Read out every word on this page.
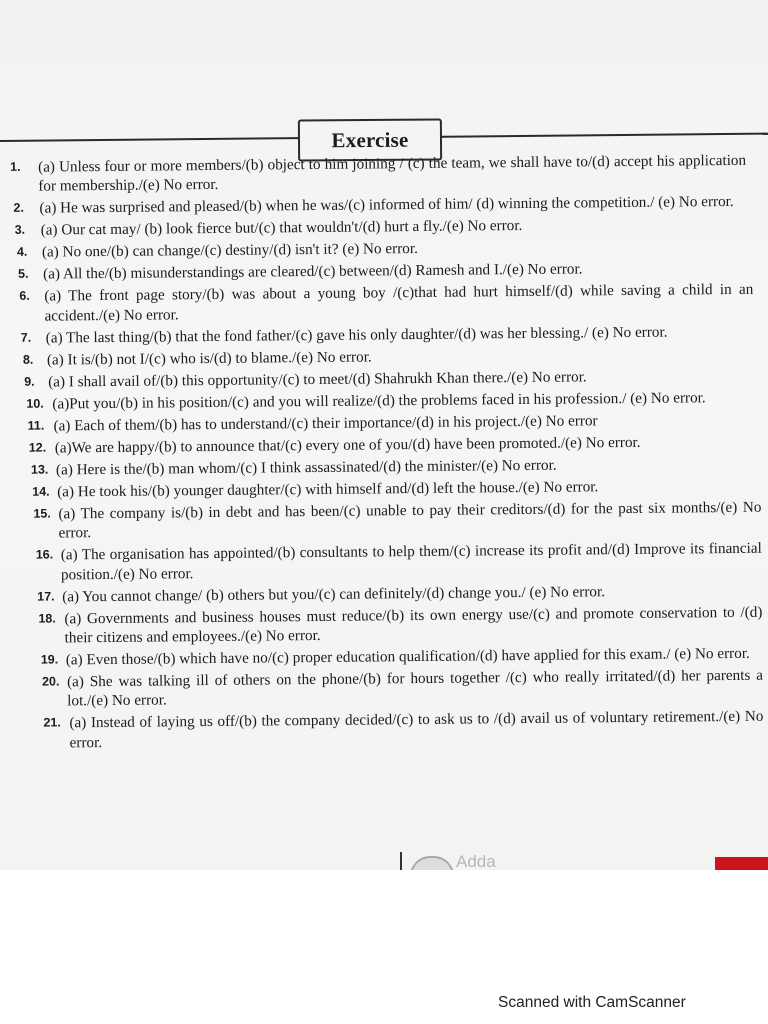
Exercise
1. (a) Unless four or more members/(b) object to him joining / (c) the team, we shall have to/(d) accept his application for membership./(e) No error.
2. (a) He was surprised and pleased/(b) when he was/(c) informed of him/ (d) winning the competition./ (e) No error.
3. (a) Our cat may/ (b) look fierce but/(c) that wouldn't/(d) hurt a fly./(e) No error.
4. (a) No one/(b) can change/(c) destiny/(d) isn't it? (e) No error.
5. (a) All the/(b) misunderstandings are cleared/(c) between/(d) Ramesh and I./(e) No error.
6. (a) The front page story/(b) was about a young boy /(c)that had hurt himself/(d) while saving a child in an accident./(e) No error.
7. (a) The last thing/(b) that the fond father/(c) gave his only daughter/(d) was her blessing./ (e) No error.
8. (a) It is/(b) not I/(c) who is/(d) to blame./(e) No error.
9. (a) I shall avail of/(b) this opportunity/(c) to meet/(d) Shahrukh Khan there./(e) No error.
10. (a)Put you/(b) in his position/(c) and you will realize/(d) the problems faced in his profession./ (e) No error.
11. (a) Each of them/(b) has to understand/(c) their importance/(d) in his project./(e) No error
12. (a)We are happy/(b) to announce that/(c) every one of you/(d) have been promoted./(e) No error.
13. (a) Here is the/(b) man whom/(c) I think assassinated/(d) the minister/(e) No error.
14. (a) He took his/(b) younger daughter/(c) with himself and/(d) left the house./(e) No error.
15. (a) The company is/(b) in debt and has been/(c) unable to pay their creditors/(d) for the past six months/(e) No error.
16. (a) The organisation has appointed/(b) consultants to help them/(c) increase its profit and/(d) Improve its financial position./(e) No error.
17. (a) You cannot change/ (b) others but you/(c) can definitely/(d) change you./ (e) No error.
18. (a) Governments and business houses must reduce/(b) its own energy use/(c) and promote conservation to /(d) their citizens and employees./(e) No error.
19. (a) Even those/(b) which have no/(c) proper education qualification/(d) have applied for this exam./ (e) No error.
20. (a) She was talking ill of others on the phone/(b) for hours together /(c) who really irritated/(d) her parents a lot./(e) No error.
21. (a) Instead of laying us off/(b) the company decided/(c) to ask us to /(d) avail us of voluntary retirement./(e) No error.
Adda
Scanned with CamScanner
